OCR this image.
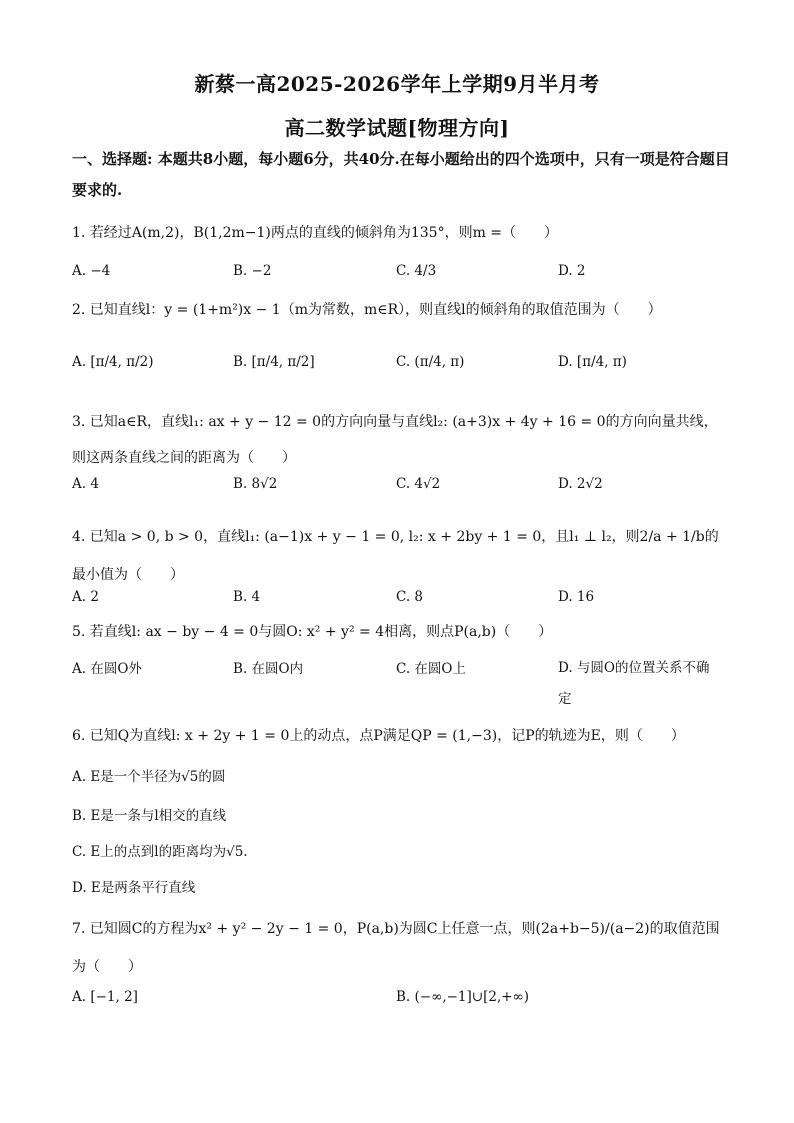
新蔡一高2025-2026学年上学期9月半月考
高二数学试题[物理方向]
一、选择题: 本题共8小题，每小题6分，共40分.在每小题给出的四个选项中，只有一项是符合题目要求的.
1. 若经过A(m,2)，B(1,2m−1)两点的直线的倾斜角为135°，则m =（　　）
A. −4	B. −2	C. 4/3	D. 2
2. 已知直线l：y = (1+m²)x − 1（m为常数，m∈R），则直线l的倾斜角的取值范围为（　　）
A. [π/4, π/2)	B. [π/4, π/2]	C. (π/4, π)	D. [π/4, π)
3. 已知a∈R，直线l₁: ax + y − 12 = 0的方向向量与直线l₂: (a+3)x + 4y + 16 = 0的方向向量共线，则这两条直线之间的距离为（　　）
A. 4	B. 8√2	C. 4√2	D. 2√2
4. 已知a > 0, b > 0，直线l₁: (a−1)x + y − 1 = 0, l₂: x + 2by + 1 = 0，且l₁ ⊥ l₂，则2/a + 1/b的最小值为（　　）
A. 2	B. 4	C. 8	D. 16
5. 若直线l: ax − by − 4 = 0与圆O: x² + y² = 4相离，则点P(a,b)（　　）
A. 在圆O外	B. 在圆O内	C. 在圆O上	D. 与圆O的位置关系不确定
6. 已知Q为直线l: x + 2y + 1 = 0上的动点，点P满足QP = (1,−3)，记P的轨迹为E，则（　　）
A. E是一个半径为√5的圆
B. E是一条与l相交的直线
C. E上的点到l的距离均为√5.
D. E是两条平行直线
7. 已知圆C的方程为x² + y² − 2y − 1 = 0，P(a,b)为圆C上任意一点，则(2a+b−5)/(a−2)的取值范围为（　　）
A. [−1, 2]	B. (−∞,−1]∪[2,+∞)
